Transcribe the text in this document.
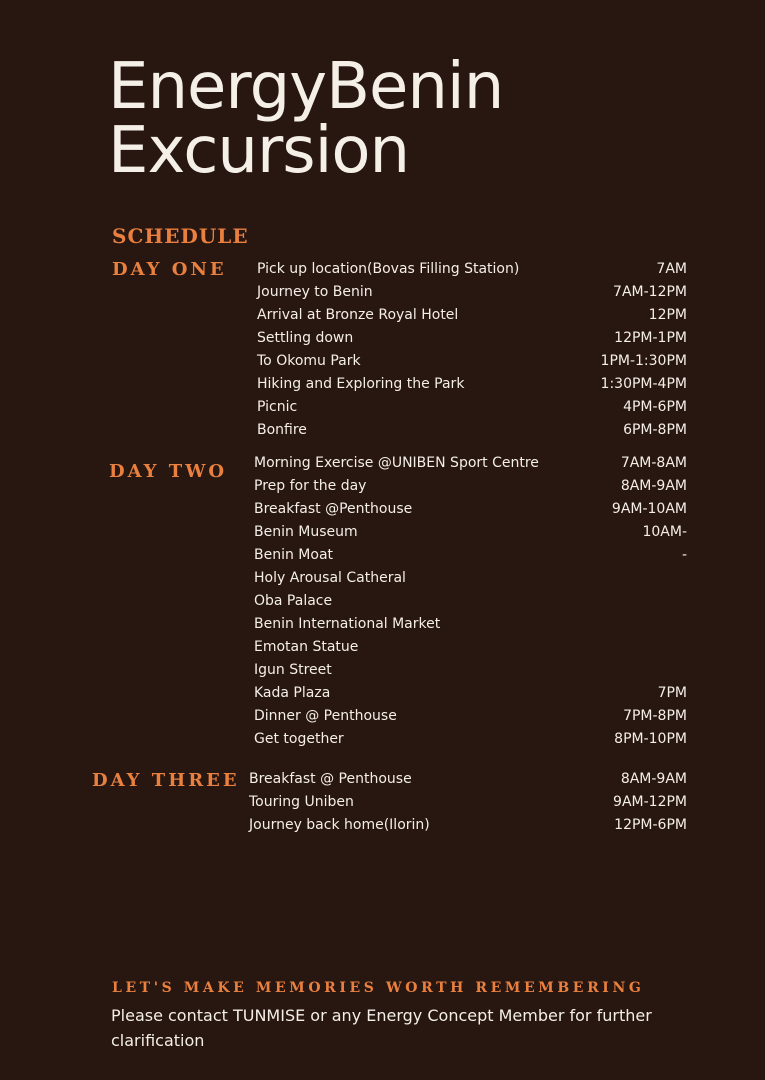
EnergyBenin
Excursion
SCHEDULE
DAY ONE Pick up location(Bovas Filling Station)	7AM
Journey to Benin	7AM-12PM
Arrival at Bronze Royal Hotel	12PM
Settling down	12PM-1PM
To Okomu Park	1PM-1:30PM
Hiking and Exploring the Park	1:30PM-4PM
Picnic	4PM-6PM
Bonfire	6PM-8PM
DAY TWO Morning Exercise @UNIBEN Sport Centre	7AM-8AM
Prep for the day	8AM-9AM
Breakfast @Penthouse	9AM-10AM
Benin Museum	10AM-
Benin Moat	-
Holy Arousal Catheral
Oba Palace
Benin International Market
Emotan Statue
Igun Street
Kada Plaza	7PM
Dinner @ Penthouse	7PM-8PM
Get together	8PM-10PM
DAY THREE Breakfast @ Penthouse	8AM-9AM
Touring Uniben	9AM-12PM
Journey back home(Ilorin)	12PM-6PM
LET'S MAKE MEMORIES WORTH REMEMBERING
Please contact TUNMISE or any Energy Concept Member for further clarification
